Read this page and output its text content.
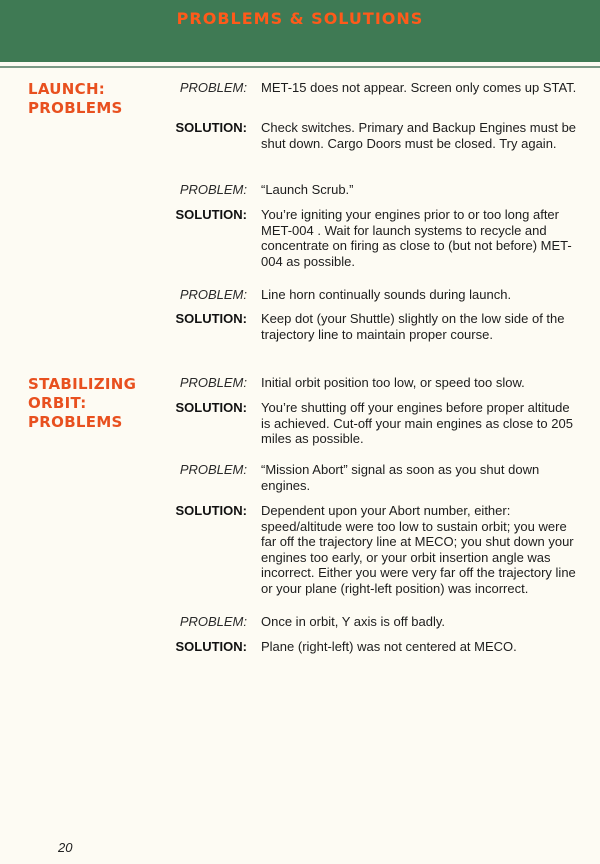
PROBLEMS & SOLUTIONS
LAUNCH:
PROBLEMS
PROBLEM: MET-15 does not appear. Screen only comes up STAT.
SOLUTION: Check switches. Primary and Backup Engines must be shut down. Cargo Doors must be closed. Try again.
PROBLEM: “Launch Scrub.”
SOLUTION: You’re igniting your engines prior to or too long after MET-004 . Wait for launch systems to recycle and concentrate on firing as close to (but not before) MET-004 as possible.
PROBLEM: Line horn continually sounds during launch.
SOLUTION: Keep dot (your Shuttle) slightly on the low side of the trajectory line to maintain proper course.
STABILIZING
ORBIT:
PROBLEMS
PROBLEM: Initial orbit position too low, or speed too slow.
SOLUTION: You’re shutting off your engines before proper altitude is achieved. Cut-off your main engines as close to 205 miles as possible.
PROBLEM: “Mission Abort” signal as soon as you shut down engines.
SOLUTION: Dependent upon your Abort number, either: speed/altitude were too low to sustain orbit; you were far off the trajectory line at MECO; you shut down your engines too early, or your orbit insertion angle was incorrect. Either you were very far off the trajectory line or your plane (right-left position) was incorrect.
PROBLEM: Once in orbit, Y axis is off badly.
SOLUTION: Plane (right-left) was not centered at MECO.
20
